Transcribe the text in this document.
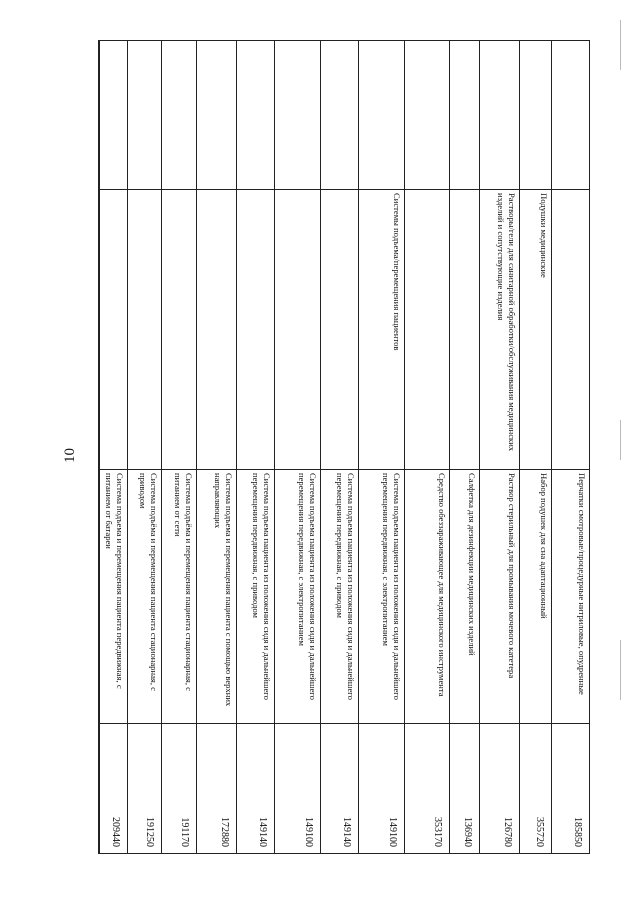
10
Перчатки смотровые/процедурные нитриловые, опудренные
185850
Подушки медицинские
Набор подушек для сна адаптационный
355720
Раствор стерильный для промывания мочевого катетера
126780
Салфетка для дезинфекции медицинских изделий
136940
Средство обеззараживающее для медицинского инструмента
353170
Система подъема пациента из положения сидя и дальнейшего перемещения передвижная, с электропитанием
149100
Система подъема пациента из положения сидя и дальнейшего перемещения передвижная, с приводом
149140
Система подъема пациента из положения сидя и дальнейшего перемещения передвижная, с электропитанием
149100
Система подъема пациента из положения сидя и дальнейшего перемещения передвижная, с приводом
149140
Система подъема и перемещения пациента с помощью верхних направляющих
172880
Система подъёма и перемещения пациента стационарная, с питанием от сети
191170
Система подъёма и перемещения пациента стационарная, с приводом
191250
Система подъема и перемещения пациента передвижная, с питанием от батареи
209440
Растворы/гели для санитарной обработки/обслуживания медицинских изделий и сопутствующие изделия
Системы подъема/перемещения пациентов
